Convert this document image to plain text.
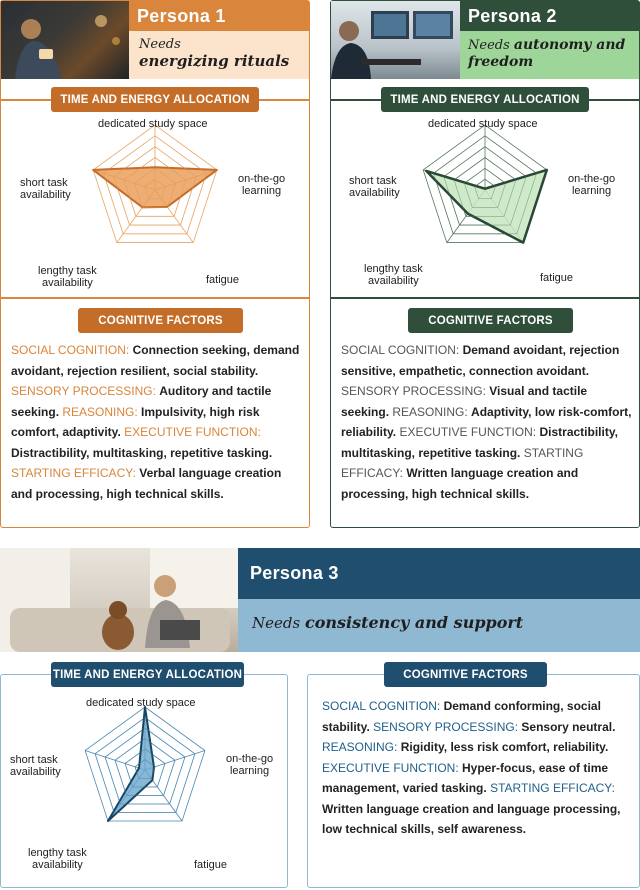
Persona 1
Needs
energizing rituals
TIME AND ENERGY ALLOCATION
dedicated study space
on-the-go
learning
fatigue
lengthy task
availability
short task
availability
COGNITIVE FACTORS
SOCIAL COGNITION: Connection seeking, demand avoidant, rejection resilient, social stability. SENSORY PROCESSING: Auditory and tactile seeking. REASONING: Impulsivity, high risk comfort, adaptivity. EXECUTIVE FUNCTION: Distractibility, multitasking, repetitive tasking. STARTING EFFICACY: Verbal language creation and processing, high technical skills.
Persona 2
Needs autonomy and freedom
TIME AND ENERGY ALLOCATION
dedicated study space
on-the-go
learning
fatigue
lengthy task
availability
short task
availability
COGNITIVE FACTORS
SOCIAL COGNITION: Demand avoidant, rejection sensitive, empathetic, connection avoidant. SENSORY PROCESSING: Visual and tactile seeking. REASONING: Adaptivity, low risk-comfort, reliability. EXECUTIVE FUNCTION: Distractibility, multitasking, repetitive tasking. STARTING EFFICACY: Written language creation and processing, high technical skills.
Persona 3
Needs consistency and support
TIME AND ENERGY ALLOCATION
dedicated study space
on-the-go
learning
fatigue
lengthy task
availability
short task
availability
COGNITIVE FACTORS
SOCIAL COGNITION: Demand conforming, social stability. SENSORY PROCESSING: Sensory neutral. REASONING: Rigidity, less risk comfort, reliability. EXECUTIVE FUNCTION: Hyper-focus, ease of time management, varied tasking. STARTING EFFICACY: Written language creation and language processing, low technical skills, self awareness.
